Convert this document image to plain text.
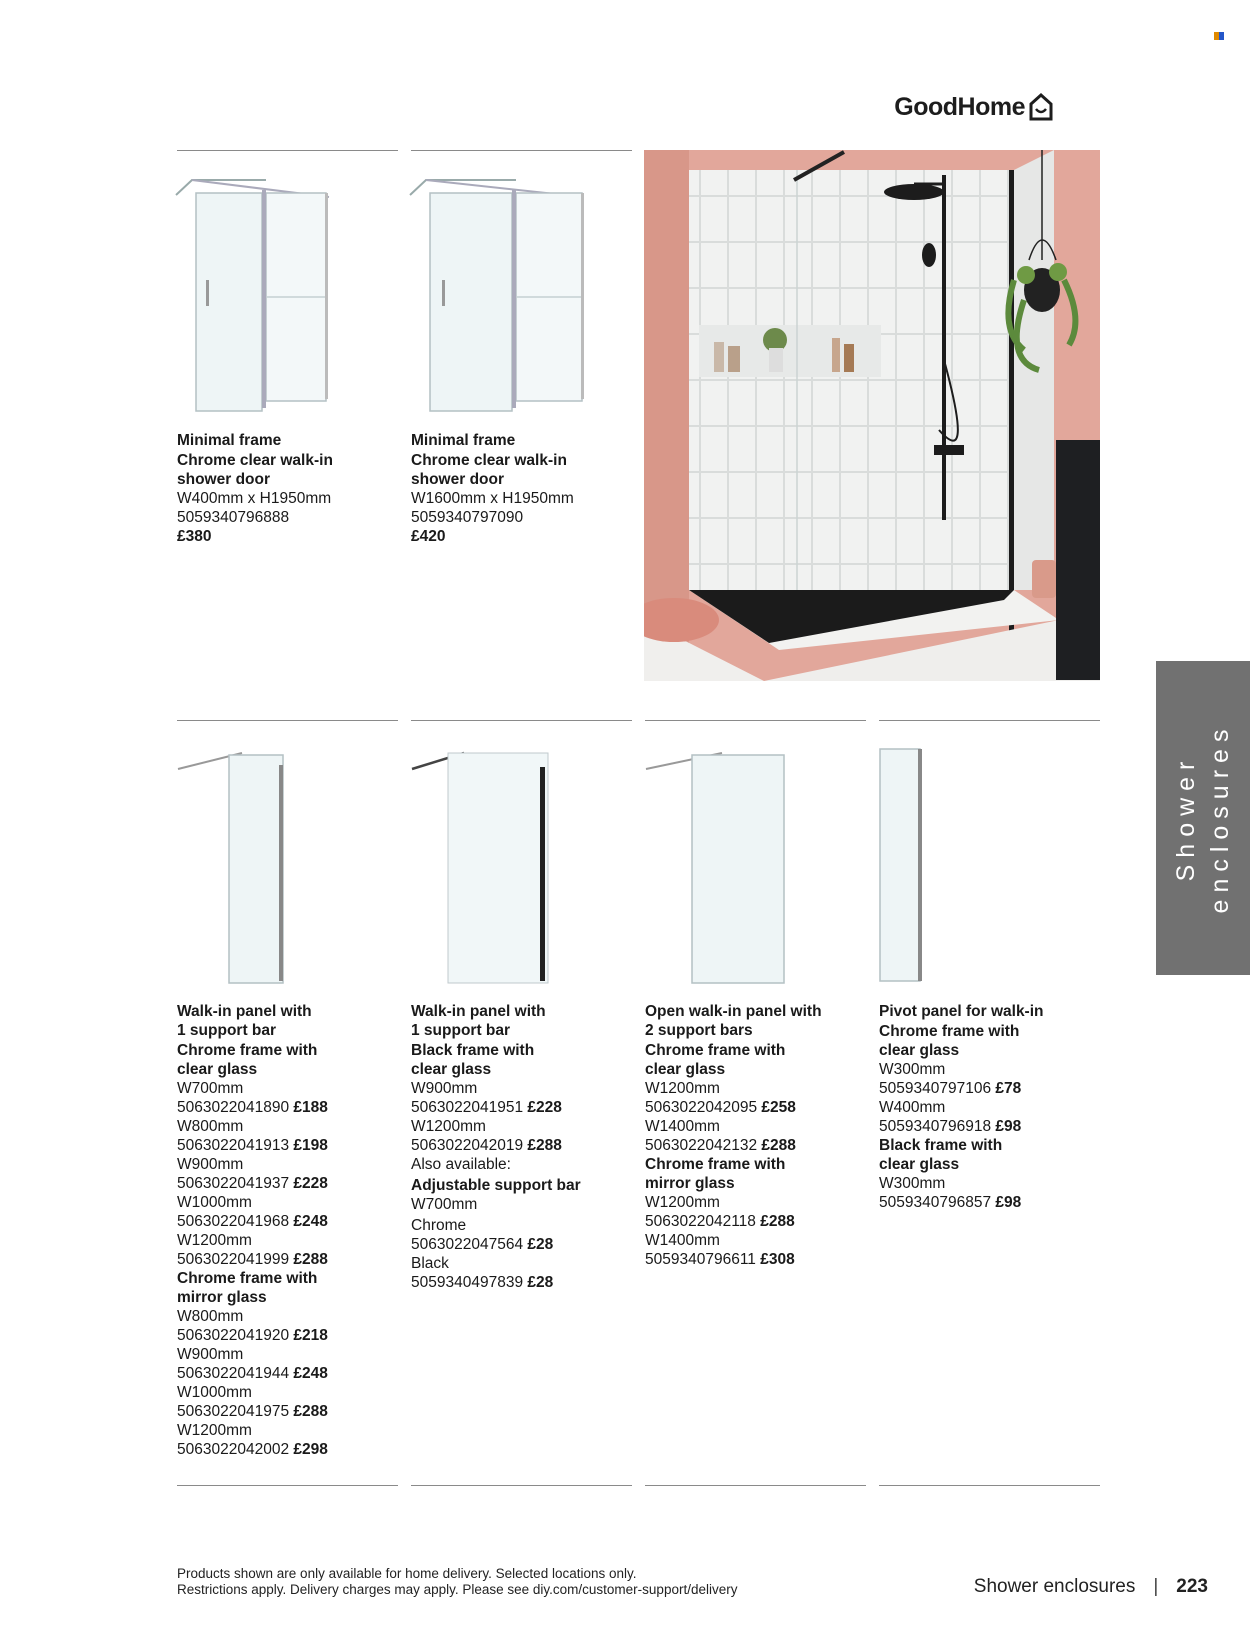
GoodHome
Minimal frame
Chrome clear walk-in
shower door
W400mm x H1950mm
5059340796888
£380
Minimal frame
Chrome clear walk-in
shower door
W1600mm x H1950mm
5059340797090
£420
Shower enclosures
Walk-in panel with
1 support bar
Chrome frame with
clear glass
W700mm
5063022041890 £188
W800mm
5063022041913 £198
W900mm
5063022041937 £228
W1000mm
5063022041968 £248
W1200mm
5063022041999 £288
Chrome frame with
mirror glass
W800mm
5063022041920 £218
W900mm
5063022041944 £248
W1000mm
5063022041975 £288
W1200mm
5063022042002 £298
Walk-in panel with
1 support bar
Black frame with
clear glass
W900mm
5063022041951 £228
W1200mm
5063022042019 £288
Also available:
Adjustable support bar
W700mm
Chrome
5063022047564 £28
Black
5059340497839 £28
Open walk-in panel with
2 support bars
Chrome frame with
clear glass
W1200mm
5063022042095 £258
W1400mm
5063022042132 £288
Chrome frame with
mirror glass
W1200mm
5063022042118 £288
W1400mm
5059340796611 £308
Pivot panel for walk-in
Chrome frame with
clear glass
W300mm
5059340797106 £78
W400mm
5059340796918 £98
Black frame with
clear glass
W300mm
5059340796857 £98
Products shown are only available for home delivery. Selected locations only.
Restrictions apply. Delivery charges may apply. Please see diy.com/customer-support/delivery	Shower enclosures | 223
